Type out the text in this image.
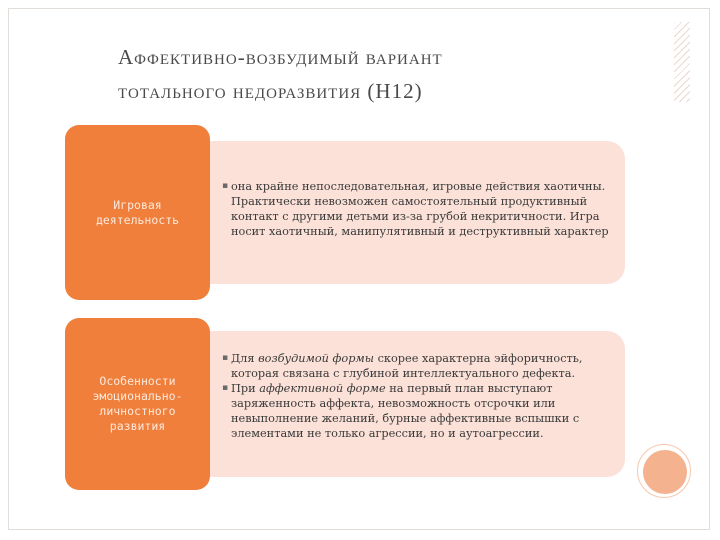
Аффективно-возбудимый вариант
тотального недоразвития (Н12)
▪ она крайне непоследовательная, игровые действия хаотичны. Практически невозможен самостоятельный продуктивный контакт с другими детьми из-за грубой некритичности. Игра носит хаотичный, манипулятивный и деструктивный характер
Игровая деятельность
▪ Для возбудимой формы скорее характерна эйфоричность, которая связана с глубиной интеллектуального дефекта.
▪ При аффективной форме на первый план выступают заряженность аффекта, невозможность отсрочки или невыполнение желаний, бурные аффективные вспышки с элементами не только агрессии, но и аутоагрессии.
Особенности эмоционально-личностного развития
